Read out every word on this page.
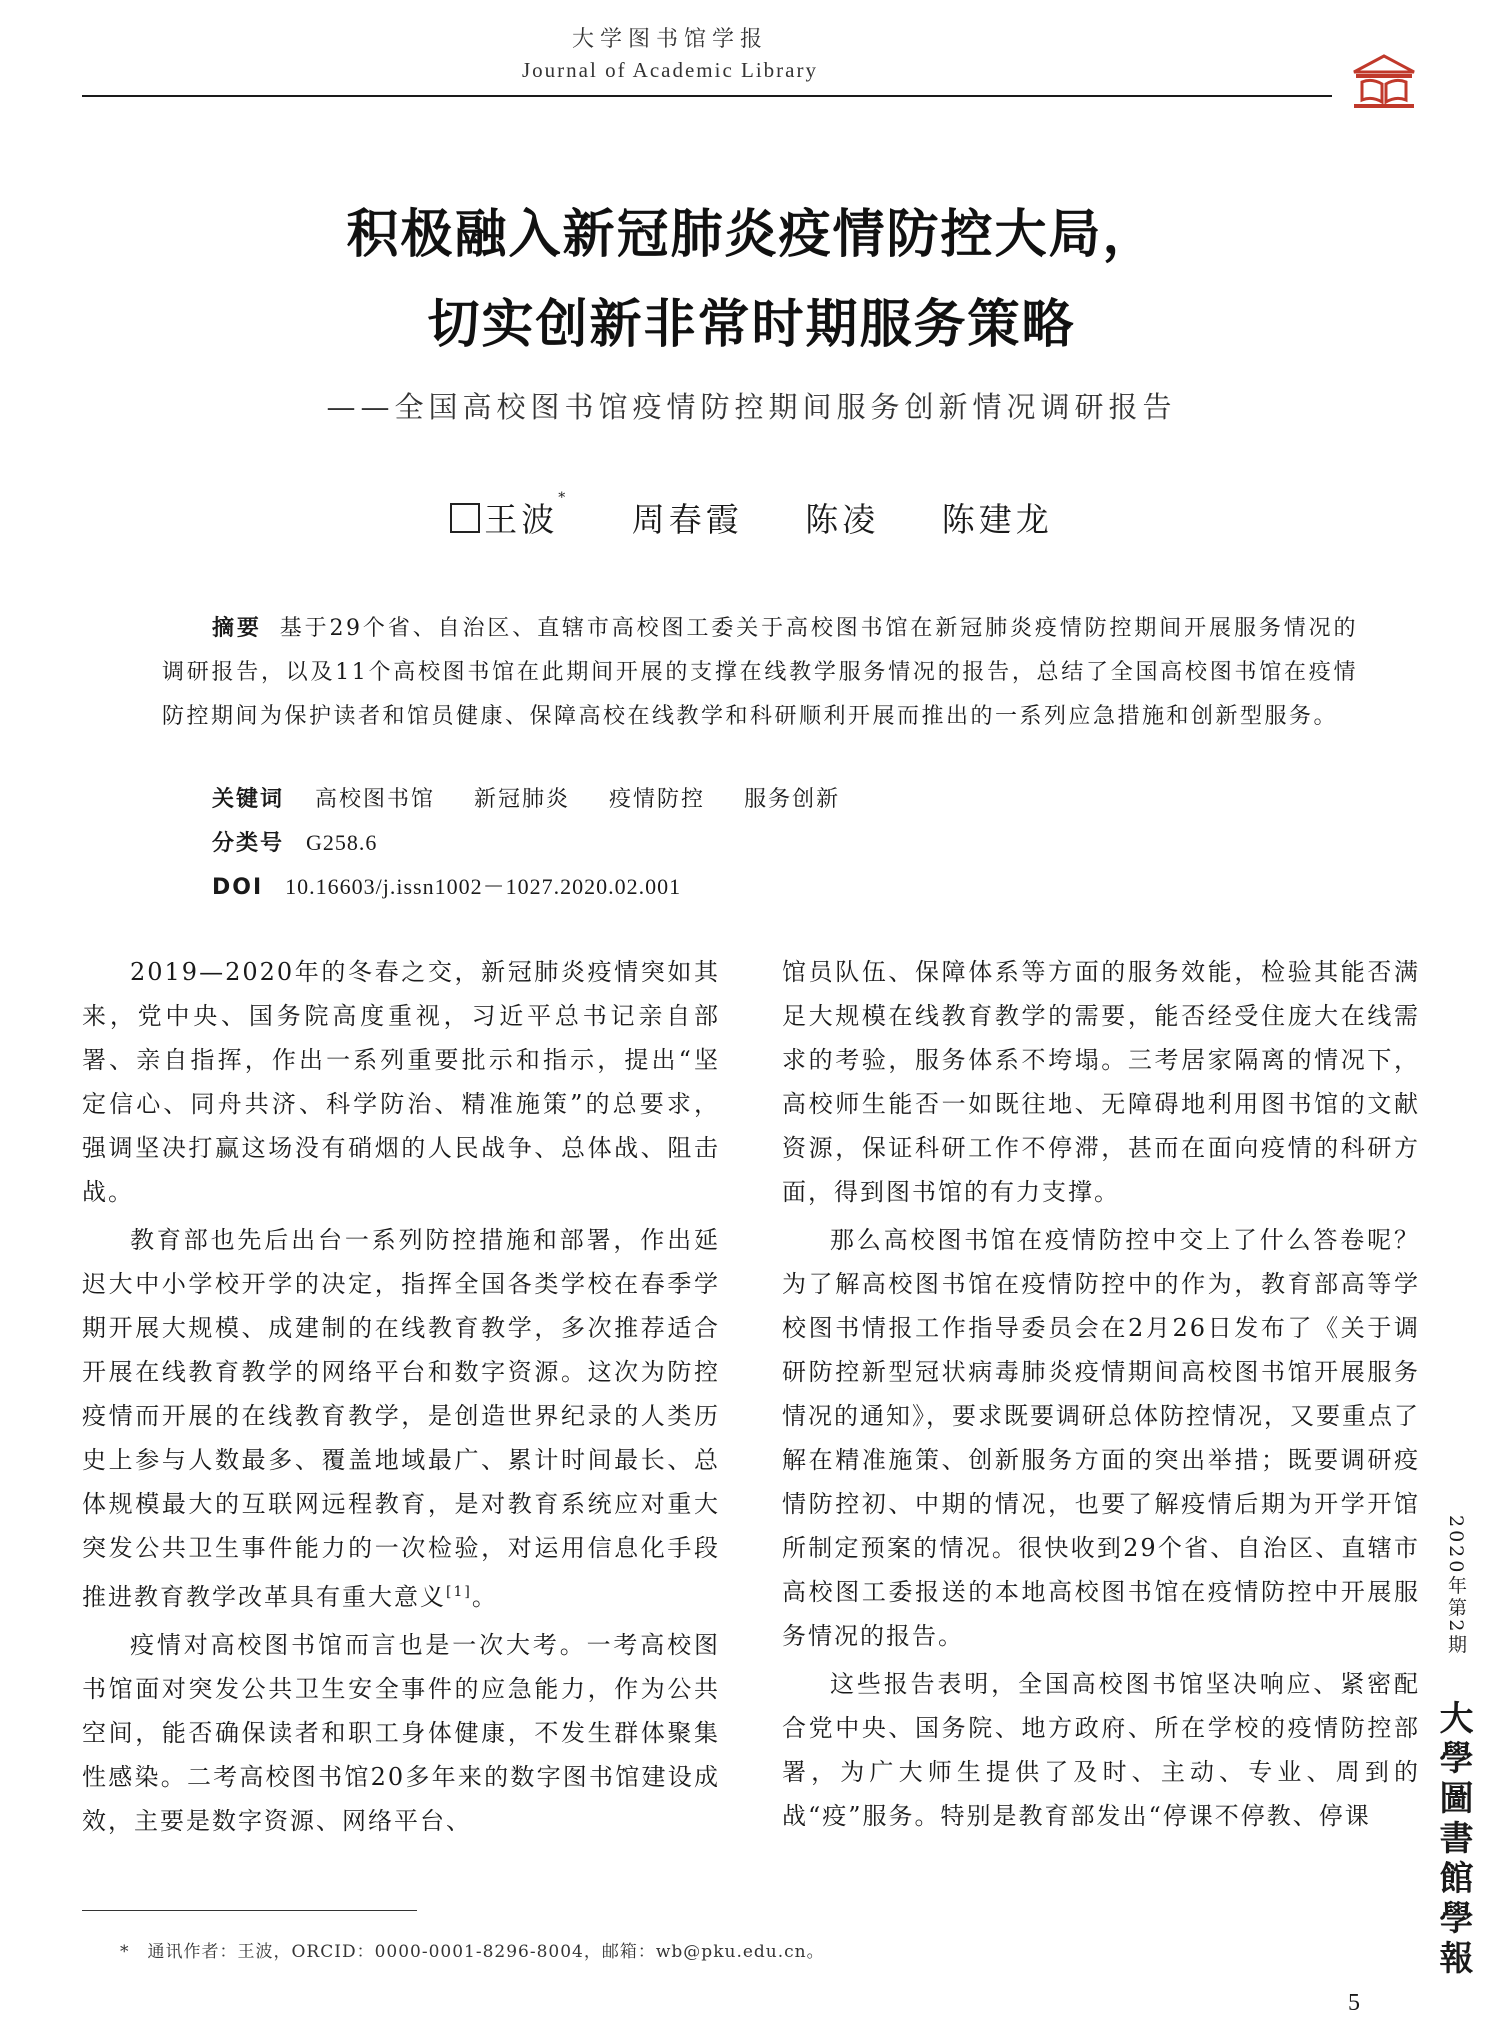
大学图书馆学报
Journal of Academic Library
积极融入新冠肺炎疫情防控大局，
切实创新非常时期服务策略
——全国高校图书馆疫情防控期间服务创新情况调研报告
王波* 周春霞 陈凌 陈建龙
摘要 基于29个省、自治区、直辖市高校图工委关于高校图书馆在新冠肺炎疫情防控期间开展服务情况的调研报告，以及11个高校图书馆在此期间开展的支撑在线教学服务情况的报告，总结了全国高校图书馆在疫情防控期间为保护读者和馆员健康、保障高校在线教学和科研顺利开展而推出的一系列应急措施和创新型服务。
关键词 高校图书馆 新冠肺炎 疫情防控 服务创新
分类号 G258.6
DOI 10.16603/j.issn1002－1027.2020.02.001

2019—2020年的冬春之交，新冠肺炎疫情突如其来，党中央、国务院高度重视，习近平总书记亲自部署、亲自指挥，作出一系列重要批示和指示，提出“坚定信心、同舟共济、科学防治、精准施策”的总要求，强调坚决打赢这场没有硝烟的人民战争、总体战、阻击战。

教育部也先后出台一系列防控措施和部署，作出延迟大中小学校开学的决定，指挥全国各类学校在春季学期开展大规模、成建制的在线教育教学，多次推荐适合开展在线教育教学的网络平台和数字资源。这次为防控疫情而开展的在线教育教学，是创造世界纪录的人类历史上参与人数最多、覆盖地域最广、累计时间最长、总体规模最大的互联网远程教育，是对教育系统应对重大突发公共卫生事件能力的一次检验，对运用信息化手段推进教育教学改革具有重大意义[1]。

疫情对高校图书馆而言也是一次大考。一考高校图书馆面对突发公共卫生安全事件的应急能力，作为公共空间，能否确保读者和职工身体健康，不发生群体聚集性感染。二考高校图书馆20多年来的数字图书馆建设成效，主要是数字资源、网络平台、

馆员队伍、保障体系等方面的服务效能，检验其能否满足大规模在线教育教学的需要，能否经受住庞大在线需求的考验，服务体系不垮塌。三考居家隔离的情况下，高校师生能否一如既往地、无障碍地利用图书馆的文献资源，保证科研工作不停滞，甚而在面向疫情的科研方面，得到图书馆的有力支撑。

那么高校图书馆在疫情防控中交上了什么答卷呢？为了解高校图书馆在疫情防控中的作为，教育部高等学校图书情报工作指导委员会在2月26日发布了《关于调研防控新型冠状病毒肺炎疫情期间高校图书馆开展服务情况的通知》，要求既要调研总体防控情况，又要重点了解在精准施策、创新服务方面的突出举措；既要调研疫情防控初、中期的情况，也要了解疫情后期为开学开馆所制定预案的情况。很快收到29个省、自治区、直辖市高校图工委报送的本地高校图书馆在疫情防控中开展服务情况的报告。

这些报告表明，全国高校图书馆坚决响应、紧密配合党中央、国务院、地方政府、所在学校的疫情防控部署，为广大师生提供了及时、主动、专业、周到的战“疫”服务。特别是教育部发出“停课不停教、停课

*　通讯作者：王波，ORCID：0000-0001-8296-8004，邮箱：wb@pku.edu.cn。
2020年第2期
大學圖書館學報
5
